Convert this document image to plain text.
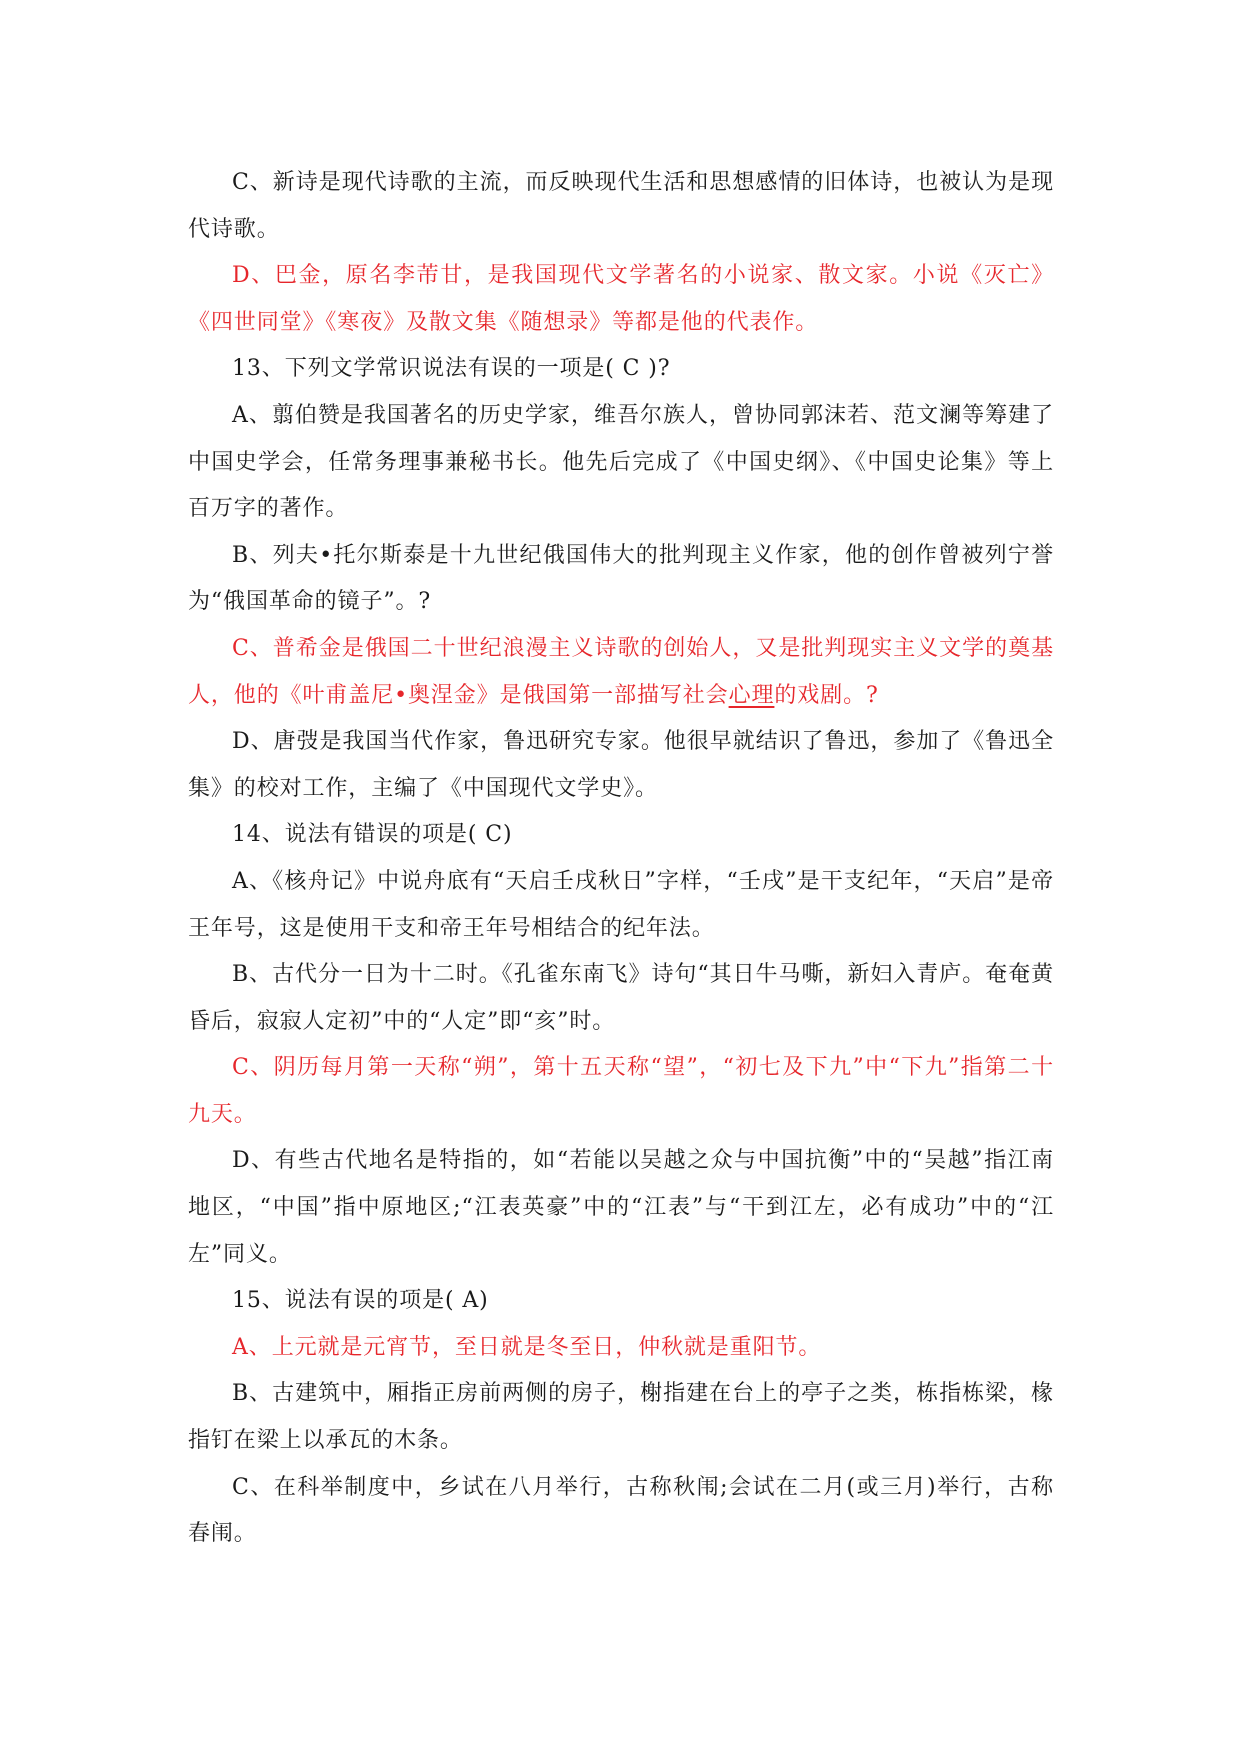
C、新诗是现代诗歌的主流，而反映现代生活和思想感情的旧体诗，也被认为是现代诗歌。

D、巴金，原名李芾甘，是我国现代文学著名的小说家、散文家。小说《灭亡》《四世同堂》《寒夜》及散文集《随想录》等都是他的代表作。

13、下列文学常识说法有误的一项是( C )?

A、翦伯赞是我国著名的历史学家，维吾尔族人，曾协同郭沫若、范文澜等筹建了中国史学会，任常务理事兼秘书长。他先后完成了《中国史纲》、《中国史论集》等上百万字的著作。

B、列夫•托尔斯泰是十九世纪俄国伟大的批判现主义作家，他的创作曾被列宁誉为“俄国革命的镜子”。?

C、普希金是俄国二十世纪浪漫主义诗歌的创始人，又是批判现实主义文学的奠基人，他的《叶甫盖尼•奥涅金》是俄国第一部描写社会心理的戏剧。?

D、唐弢是我国当代作家，鲁迅研究专家。他很早就结识了鲁迅，参加了《鲁迅全集》的校对工作，主编了《中国现代文学史》。

14、说法有错误的项是( C)

A、《核舟记》中说舟底有“天启壬戌秋日”字样，“壬戌”是干支纪年，“天启”是帝王年号，这是使用干支和帝王年号相结合的纪年法。

B、古代分一日为十二时。《孔雀东南飞》诗句“其日牛马嘶，新妇入青庐。奄奄黄昏后，寂寂人定初”中的“人定”即“亥”时。

C、阴历每月第一天称“朔”，第十五天称“望”，“初七及下九”中“下九”指第二十九天。

D、有些古代地名是特指的，如“若能以吴越之众与中国抗衡”中的“吴越”指江南地区，“中国”指中原地区;“江表英豪”中的“江表”与“干到江左，必有成功”中的“江左”同义。

15、说法有误的项是( A)

A、上元就是元宵节，至日就是冬至日，仲秋就是重阳节。

B、古建筑中，厢指正房前两侧的房子，榭指建在台上的亭子之类，栋指栋梁，椽指钉在梁上以承瓦的木条。

C、在科举制度中，乡试在八月举行，古称秋闱;会试在二月(或三月)举行，古称春闱。
